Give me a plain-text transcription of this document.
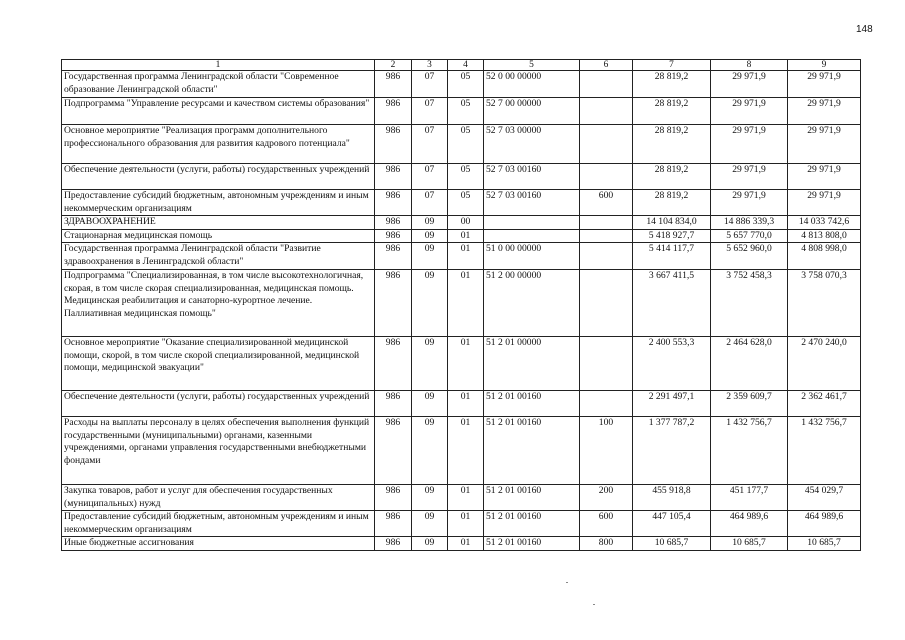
148
1	2	3	4	5	6	7	8	9
Государственная программа Ленинградской области "Современное образование Ленинградской области"	986	07	05	52 0 00 00000		28 819,2	29 971,9	29 971,9
Подпрограмма "Управление ресурсами и качеством системы образования"	986	07	05	52 7 00 00000		28 819,2	29 971,9	29 971,9
Основное мероприятие "Реализация программ дополнительного профессионального образования для развития кадрового потенциала"	986	07	05	52 7 03 00000		28 819,2	29 971,9	29 971,9
Обеспечение деятельности (услуги, работы) государственных учреждений	986	07	05	52 7 03 00160		28 819,2	29 971,9	29 971,9
Предоставление субсидий бюджетным, автономным учреждениям и иным некоммерческим организациям	986	07	05	52 7 03 00160	600	28 819,2	29 971,9	29 971,9
ЗДРАВООХРАНЕНИЕ	986	09	00			14 104 834,0	14 886 339,3	14 033 742,6
Стационарная медицинская помощь	986	09	01			5 418 927,7	5 657 770,0	4 813 808,0
Государственная программа Ленинградской области "Развитие здравоохранения в Ленинградской области"	986	09	01	51 0 00 00000		5 414 117,7	5 652 960,0	4 808 998,0
Подпрограмма "Специализированная, в том числе высокотехнологичная, скорая, в том числе скорая специализированная, медицинская помощь. Медицинская реабилитация и санаторно-курортное лечение. Паллиативная медицинская помощь"	986	09	01	51 2 00 00000		3 667 411,5	3 752 458,3	3 758 070,3
Основное мероприятие "Оказание специализированной медицинской помощи, скорой, в том числе скорой специализированной, медицинской помощи, медицинской эвакуации"	986	09	01	51 2 01 00000		2 400 553,3	2 464 628,0	2 470 240,0
Обеспечение деятельности (услуги, работы) государственных учреждений	986	09	01	51 2 01 00160		2 291 497,1	2 359 609,7	2 362 461,7
Расходы на выплаты персоналу в целях обеспечения выполнения функций государственными (муниципальными) органами, казенными учреждениями, органами управления государственными внебюджетными фондами	986	09	01	51 2 01 00160	100	1 377 787,2	1 432 756,7	1 432 756,7
Закупка товаров, работ и услуг для обеспечения государственных (муниципальных) нужд	986	09	01	51 2 01 00160	200	455 918,8	451 177,7	454 029,7
Предоставление субсидий бюджетным, автономным учреждениям и иным некоммерческим организациям	986	09	01	51 2 01 00160	600	447 105,4	464 989,6	464 989,6
Иные бюджетные ассигнования	986	09	01	51 2 01 00160	800	10 685,7	10 685,7	10 685,7
